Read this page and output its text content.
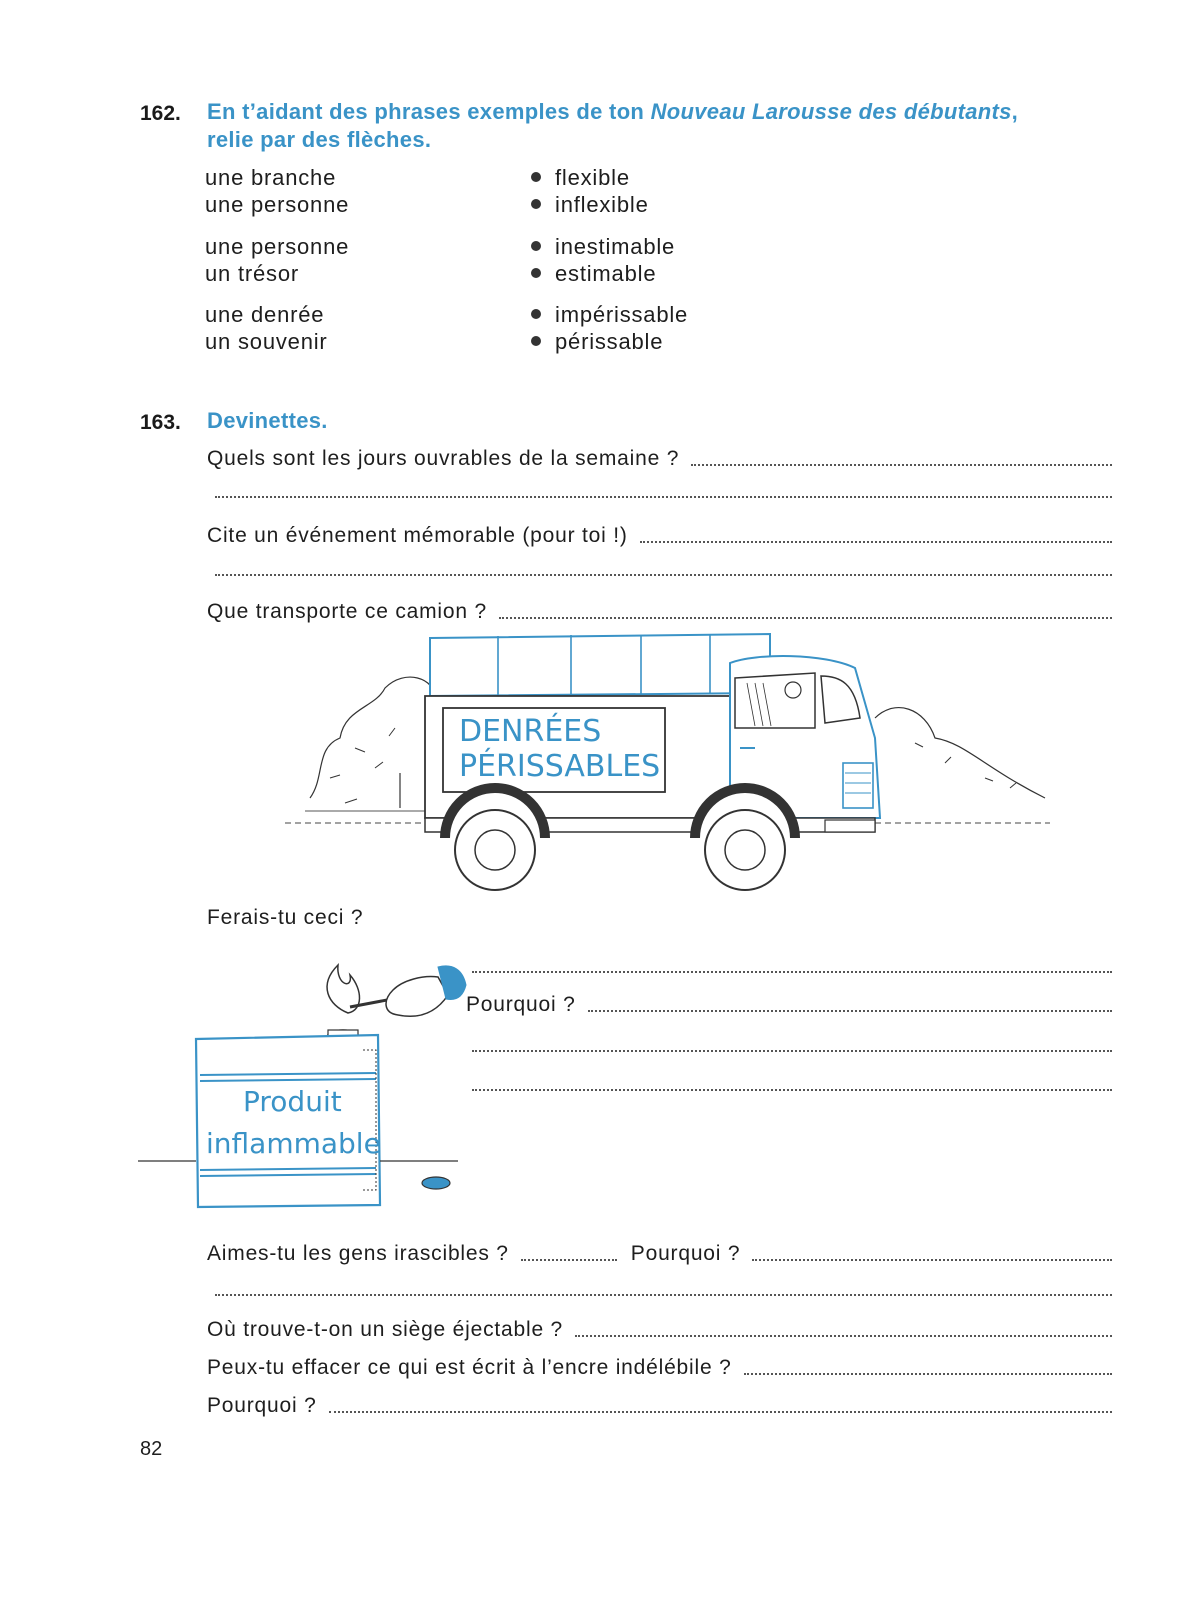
162. En t’aidant des phrases exemples de ton Nouveau Larousse des débutants,
relie par des flèches.
une branche
une personne
flexible
inflexible
une personne
un trésor
inestimable
estimable
une denrée
un souvenir
impérissable
périssable
163. Devinettes.
Quels sont les jours ouvrables de la semaine ?
Cite un événement mémorable (pour toi !)
Que transporte ce camion ?
DENRÉES
PÉRISSABLES
Ferais-tu ceci ?
Produit
inflammable
Pourquoi ?
Aimes-tu les gens irascibles ?	Pourquoi ?
Où trouve-t-on un siège éjectable ?
Peux-tu effacer ce qui est écrit à l’encre indélébile ?
Pourquoi ?
82
